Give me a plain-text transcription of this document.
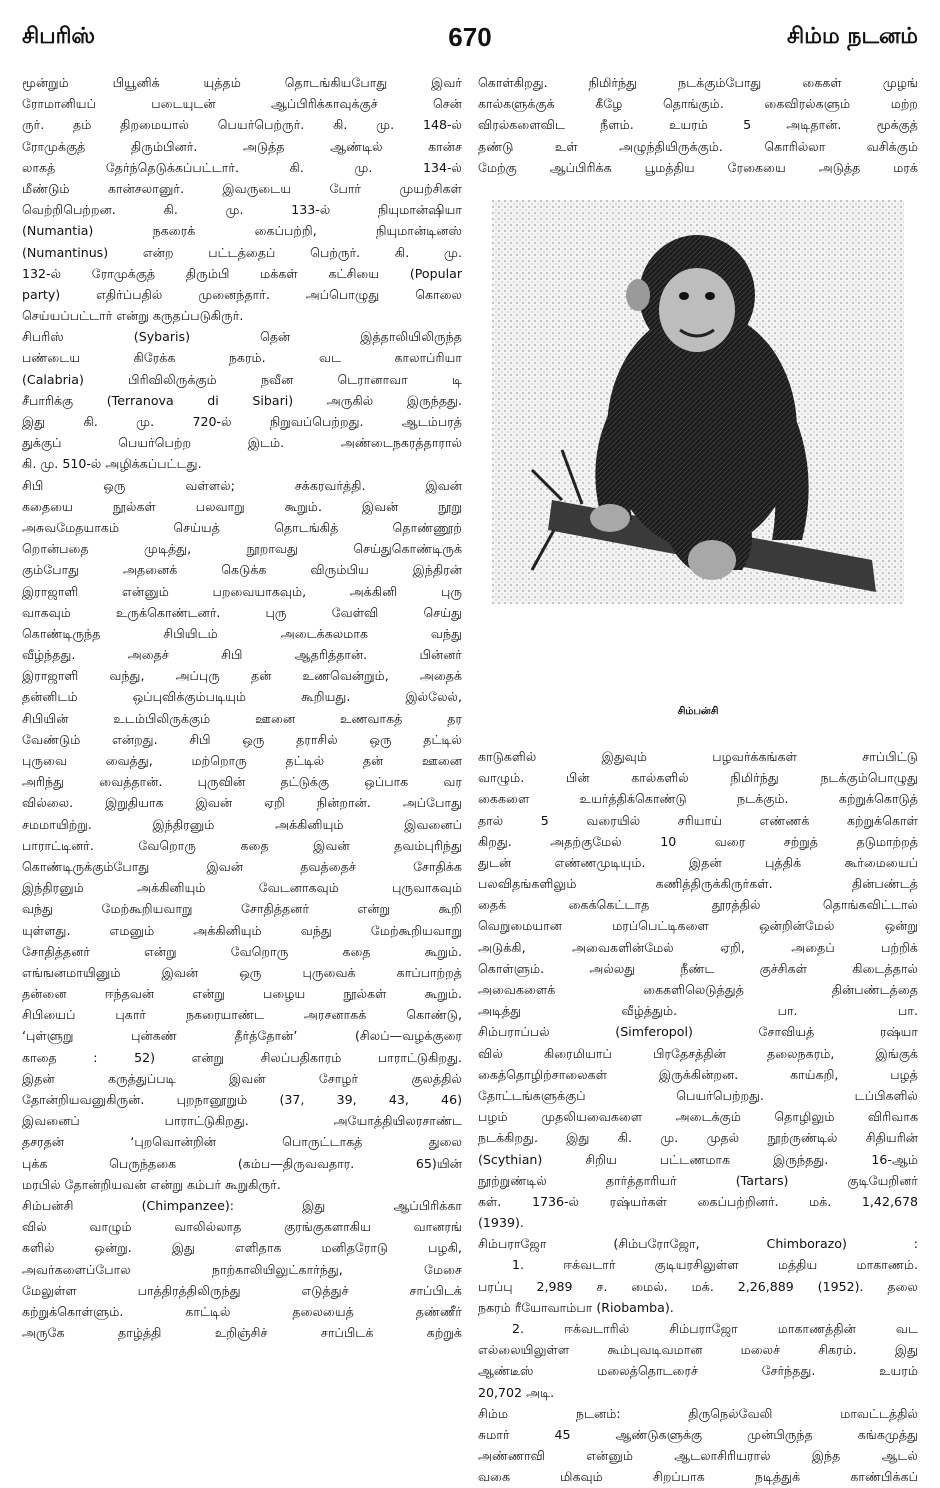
சிபரிஸ்	670	சிம்ம நடனம்
மூன்றும் பியூனிக் யுத்தம் தொடங்கியபோது இவர்
ரோமானியப் படையுடன் ஆப்பிரிக்காவுக்குச் சென்
ருர். தம் திறமையால் பெயர்பெற்ருர். கி. மு. 148-ல்
ரோமுக்குத் திரும்பினர். அடுத்த ஆண்டில் கான்ச
லாகத் தேர்ந்தெடுக்கப்பட்டார். கி. மு. 134-ல்
மீண்டும் கான்சலானுர். இவருடைய போர் முயற்சிகள்
வெற்றிபெற்றன. கி. மு. 133-ல் நியுமான்ஷியா
(Numantia) நகரைக் கைப்பற்றி, நியுமான்டினஸ்
(Numantinus) என்ற பட்டத்தைப் பெற்ருர். கி. மு.
132-ல் ரோமுக்குத் திரும்பி மக்கள் கட்சியை (Popular
party) எதிர்ப்பதில் முனைந்தார். அப்பொழுது கொலை
செய்யப்பட்டார் என்று கருதப்படுகிருர்.
சிபரிஸ் (Sybaris) தென் இத்தாலியிலிருந்த
பண்டைய கிரேக்க நகரம். வட காலாப்ரியா
(Calabria) பிரிவிலிருக்கும் நவீன டெரானாவா டி
சீபாரிக்கு (Terranova di Sibari) அருகில் இருந்தது.
இது கி. மு. 720-ல் நிறுவப்பெற்றது. ஆடம்பரத்
துக்குப் பெயர்பெற்ற இடம். அண்டைநகரத்தாரால்
கி. மு. 510-ல் அழிக்கப்பட்டது.
சிபி ஒரு வள்ளல்; சக்கரவர்த்தி. இவன்
கதையை நூல்கள் பலவாறு கூறும். இவன் நூறு
அசுவமேதயாகம் செய்யத் தொடங்கித் தொண்ணூற்
றொன்பதை முடித்து, நூறாவது செய்துகொண்டிருக்
கும்போது அதனைக் கெடுக்க விரும்பிய இந்திரன்
இராஜாளி என்னும் பறவையாகவும், அக்கினி புரு
வாகவும் உருக்கொண்டனர். புரு வேள்வி செய்து
கொண்டிருந்த சிபியிடம் அடைக்கலமாக வந்து
வீழ்ந்தது. அதைச் சிபி ஆதரித்தான். பின்னர்
இராஜாளி வந்து, அப்புரு தன் உணவென்றும், அதைக்
தன்னிடம் ஒப்புவிக்கும்படியும் கூறியது. இல்லேல்,
சிபியின் உடம்பிலிருக்கும் ஊனை உணவாகத் தர
வேண்டும் என்றது. சிபி ஒரு தராசில் ஒரு தட்டில்
புருவை வைத்து, மற்றொரு தட்டில் தன் ஊனை
அரிந்து வைத்தான். புருவின் தட்டுக்கு ஒப்பாக வர
வில்லை. இறுதியாக இவன் ஏறி நின்றான். அப்போது
சமமாயிற்று. இந்திரனும் அக்கினியும் இவனைப்
பாராட்டினர். வேறொரு கதை இவன் தவம்புரிந்து
கொண்டிருக்கும்போது இவன் தவத்தைச் சோதிக்க
இந்திரனும் அக்கினியும் வேடனாகவும் புருவாகவும்
வந்து மேற்கூறியவாறு சோதித்தனர் என்று கூறி
யுள்ளது. எமனும் அக்கினியும் வந்து மேற்கூறியவாறு
சோதித்தனர் என்று வேறொரு கதை கூறும்.
எங்ஙனமாயினும் இவன் ஒரு புருவைக் காப்பாற்றத்
தன்னை ஈந்தவன் என்று பழைய நூல்கள் கூறும்.
சிபியைப் புகார் நகரையாண்ட அரசனாகக் கொண்டு,
‘புள்ளுறு புன்கண் தீர்த்தோன்’ (சிலப்—வழக்குரை
காதை : 52) என்று சிலப்பதிகாரம் பாராட்டுகிறது.
இதன் கருத்துப்படி இவன் சோழர் குலத்தில்
தோன்றியவனுகிருன். புறநானூறும் (37, 39, 43, 46)
இவனைப் பாராட்டுகிறது. அயோத்தியிலரசாண்ட
தசரதன் ‘புறவொன்றின் பொருட்டாகத் துலை
புக்க பெருந்தகை (கம்ப—திருவவதார. 65)யின்
மரபில் தோன்றியவன் என்று கம்பர் கூறுகிருர்.
சிம்பன்சி (Chimpanzee): இது ஆப்பிரிக்கா
வில் வாழும் வாலில்லாத குரங்குகளாகிய வானரங்
களில் ஒன்று. இது எளிதாக மனிதரோடு பழகி,
அவர்களைப்போல நாற்காலியிலுட்கார்ந்து, மேசை
மேலுள்ள பாத்திரத்திலிருந்து எடுத்துச் சாப்பிடக்
கற்றுக்கொள்ளும். காட்டில் தலையைத் தண்ணீர்
அருகே தாழ்த்தி உறிஞ்சிச் சாப்பிடக் கற்றுக்
கொள்கிறது. நிமிர்ந்து நடக்கும்போது கைகள் முழங்
கால்களுக்குக் கீழே தொங்கும். கைவிரல்களும் மற்ற
விரல்களைவிட நீளம். உயரம் 5 அடிதான். மூக்குத்
தண்டு உள் அழுந்தியிருக்கும். கொரில்லா வசிக்கும்
மேற்கு ஆப்பிரிக்க பூமத்திய ரேகையை அடுத்த மரக்
சிம்பன்சி
காடுகளில் இதுவும் பழவர்க்கங்கள் சாப்பிட்டு
வாழும். பின் கால்களில் நிமிர்ந்து நடக்கும்பொழுது
கைகளை உயர்த்திக்கொண்டு நடக்கும். கற்றுக்கொடுத்
தால் 5 வரையில் சரியாய் எண்ணக் கற்றுக்கொள்
கிறது. அதற்குமேல் 10 வரை சற்றுத் தடுமாற்றத்
துடன் எண்ணமுடியும். இதன் புத்திக் கூர்மையைப்
பலவிதங்களிலும் கணித்திருக்கிருர்கள். தின்பண்டத்
தைக் கைக்கெட்டாத தூரத்தில் தொங்கவிட்டால்
வெறுமையான மரப்பெட்டிகளை ஒன்றின்மேல் ஒன்று
அடுக்கி, அவைகளின்மேல் ஏறி, அதைப் பற்றிக்
கொள்ளும். அல்லது நீண்ட குச்சிகள் கிடைத்தால்
அவைகளைக் கைகளிலெடுத்துத் தின்பண்டத்தை
அடித்து வீழ்த்தும். பா. பா.
சிம்பராப்பல் (Simferopol) சோவியத் ரஷ்யா
வில் கிரைமியாப் பிரதேசத்தின் தலைநகரம், இங்குக்
கைத்தொழிற்சாலைகள் இருக்கின்றன. காய்கறி, பழத்
தோட்டங்களுக்குப் பெயர்பெற்றது. டப்பிகளில்
பழம் முதலியவைகளை அடைக்கும் தொழிலும் விரிவாக
நடக்கிறது. இது கி. மு. முதல் நூற்ருண்டில் சிதியரின்
(Scythian) சிறிய பட்டணமாக இருந்தது. 16-ஆம்
நூற்றுண்டில் தார்த்தாரியர் (Tartars) குடியேறினர்
கள். 1736-ல் ரஷ்யர்கள் கைப்பற்றினர். மக். 1,42,678
(1939).
சிம்பராஜோ (சிம்பரோஜோ, Chimborazo) :
1. ஈக்வடார் குடியரசிலுள்ள மத்திய மாகாணம்.
பரப்பு 2,989 ச. மைல். மக். 2,26,889 (1952). தலை
நகரம் ரீயோவாம்பா (Riobamba).
2. ஈக்வடாரில் சிம்பராஜோ மாகாணத்தின் வட
எல்லையிலுள்ள கூம்புவடிவமான மலைச் சிகரம். இது
ஆண்டீஸ் மலைத்தொடரைச் சேர்ந்தது. உயரம்
20,702 அடி.
சிம்ம நடனம்: திருநெல்வேலி மாவட்டத்தில்
சுமார் 45 ஆண்டுகளுக்கு முன்பிருந்த கங்கமுத்து
அண்ணாவி என்னும் ஆடலாசிரியரால் இந்த ஆடல்
வகை மிகவும் சிறப்பாக நடித்துக் காண்பிக்கப்
